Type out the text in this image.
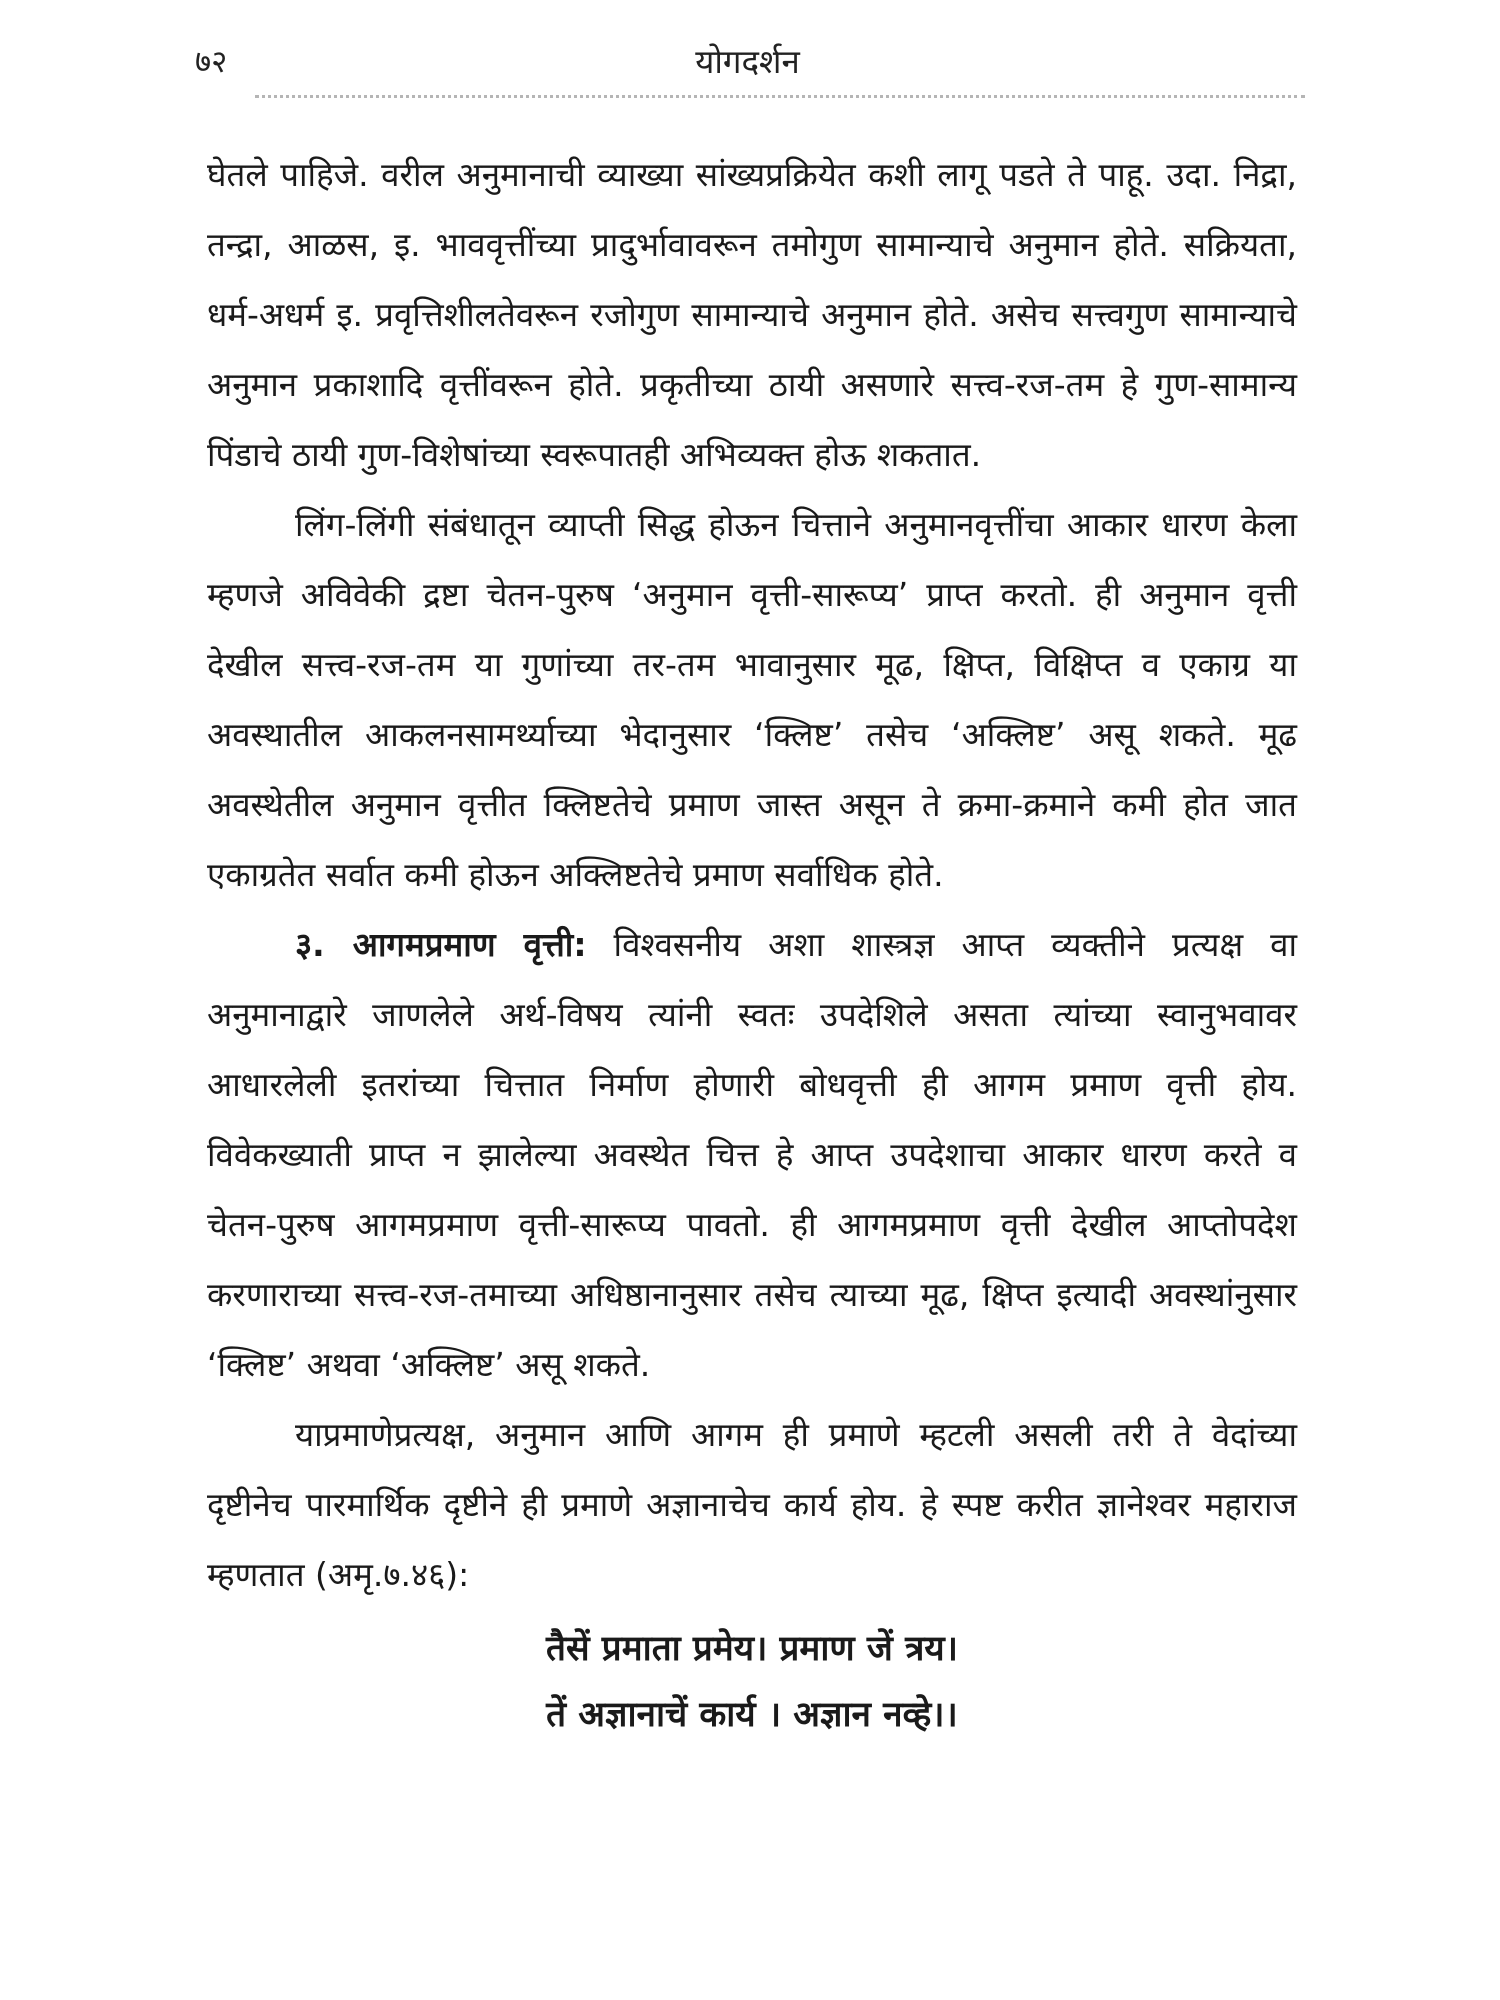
७२	योगदर्शन

घेतले पाहिजे. वरील अनुमानाची व्याख्या सांख्यप्रक्रियेत कशी लागू पडते ते पाहू. उदा. निद्रा, तन्द्रा, आळस, इ. भाववृत्तींच्या प्रादुर्भावावरून तमोगुण सामान्याचे अनुमान होते. सक्रियता, धर्म-अधर्म इ. प्रवृत्तिशीलतेवरून रजोगुण सामान्याचे अनुमान होते. असेच सत्त्वगुण सामान्याचे अनुमान प्रकाशादि वृत्तींवरून होते. प्रकृतीच्या ठायी असणारे सत्त्व-रज-तम हे गुण-सामान्य पिंडाचे ठायी गुण-विशेषांच्या स्वरूपातही अभिव्यक्त होऊ शकतात.

लिंग-लिंगी संबंधातून व्याप्ती सिद्ध होऊन चित्ताने अनुमानवृत्तींचा आकार धारण केला म्हणजे अविवेकी द्रष्टा चेतन-पुरुष ‘अनुमान वृत्ती-सारूप्य’ प्राप्त करतो. ही अनुमान वृत्ती देखील सत्त्व-रज-तम या गुणांच्या तर-तम भावानुसार मूढ, क्षिप्त, विक्षिप्त व एकाग्र या अवस्थातील आकलनसामर्थ्याच्या भेदानुसार ‘क्लिष्ट’ तसेच ‘अक्लिष्ट’ असू शकते. मूढ अवस्थेतील अनुमान वृत्तीत क्लिष्टतेचे प्रमाण जास्त असून ते क्रमा-क्रमाने कमी होत जात एकाग्रतेत सर्वात कमी होऊन अक्लिष्टतेचे प्रमाण सर्वाधिक होते.

३. आगमप्रमाण वृत्ती: विश्वसनीय अशा शास्त्रज्ञ आप्त व्यक्तीने प्रत्यक्ष वा अनुमानाद्वारे जाणलेले अर्थ-विषय त्यांनी स्वतः उपदेशिले असता त्यांच्या स्वानुभवावर आधारलेली इतरांच्या चित्तात निर्माण होणारी बोधवृत्ती ही आगम प्रमाण वृत्ती होय. विवेकख्याती प्राप्त न झालेल्या अवस्थेत चित्त हे आप्त उपदेशाचा आकार धारण करते व चेतन-पुरुष आगमप्रमाण वृत्ती-सारूप्य पावतो. ही आगमप्रमाण वृत्ती देखील आप्तोपदेश करणाराच्या सत्त्व-रज-तमाच्या अधिष्ठानानुसार तसेच त्याच्या मूढ, क्षिप्त इत्यादी अवस्थांनुसार ‘क्लिष्ट’ अथवा ‘अक्लिष्ट’ असू शकते.

याप्रमाणेप्रत्यक्ष, अनुमान आणि आगम ही प्रमाणे म्हटली असली तरी ते वेदांच्या दृष्टीनेच पारमार्थिक दृष्टीने ही प्रमाणे अज्ञानाचेच कार्य होय. हे स्पष्ट करीत ज्ञानेश्वर महाराज म्हणतात (अमृ.७.४६):

तैसें प्रमाता प्रमेय। प्रमाण जें त्रय।

तें अज्ञानाचें कार्य । अज्ञान नव्हे।।
